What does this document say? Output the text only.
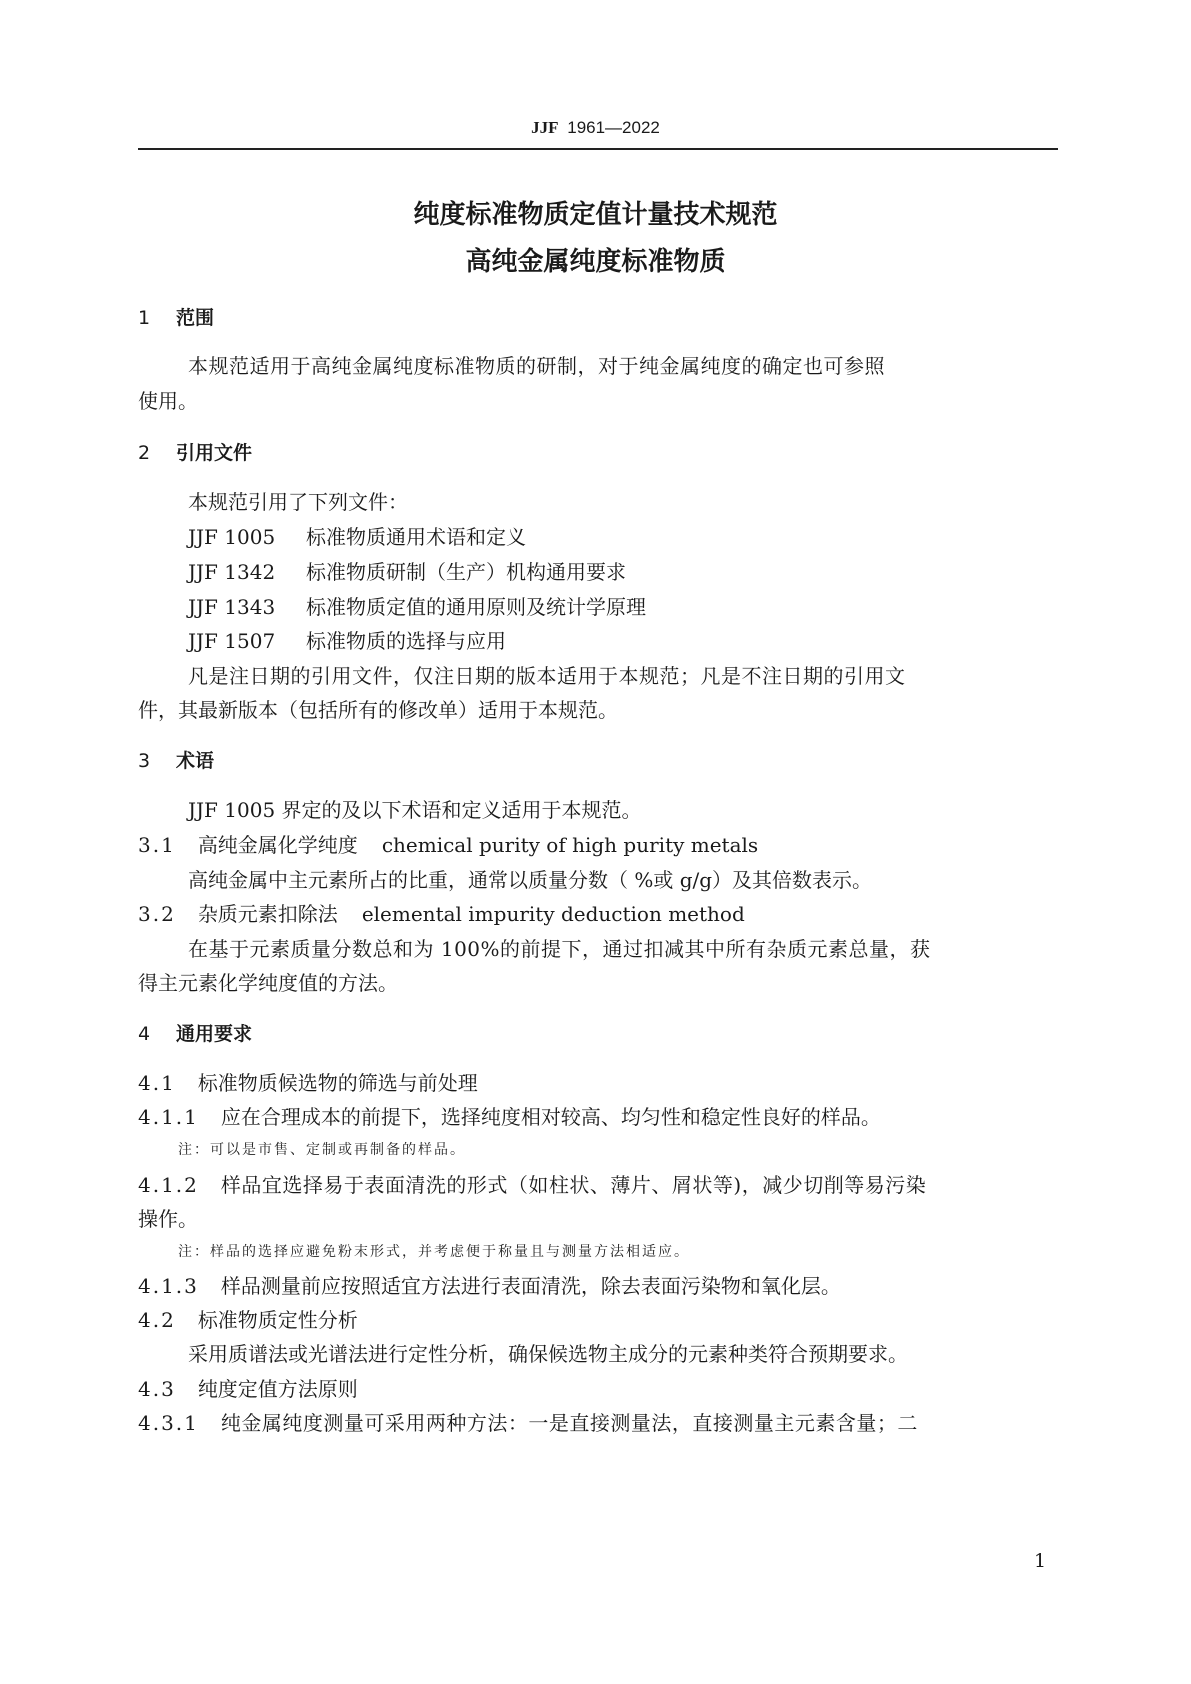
JJF 1961—2022
纯度标准物质定值计量技术规范
高纯金属纯度标准物质
1 范围
本规范适用于高纯金属纯度标准物质的研制，对于纯金属纯度的确定也可参照
使用。
2 引用文件
本规范引用了下列文件：
JJF 1005 标准物质通用术语和定义
JJF 1342 标准物质研制（生产）机构通用要求
JJF 1343 标准物质定值的通用原则及统计学原理
JJF 1507 标准物质的选择与应用
凡是注日期的引用文件，仅注日期的版本适用于本规范；凡是不注日期的引用文
件，其最新版本（包括所有的修改单）适用于本规范。
3 术语
JJF 1005 界定的及以下术语和定义适用于本规范。
3.1 高纯金属化学纯度 chemical purity of high purity metals
高纯金属中主元素所占的比重，通常以质量分数（ %或 g/g）及其倍数表示。
3.2 杂质元素扣除法 elemental impurity deduction method
在基于元素质量分数总和为 100%的前提下，通过扣减其中所有杂质元素总量，获
得主元素化学纯度值的方法。
4 通用要求
4.1 标准物质候选物的筛选与前处理
4.1.1 应在合理成本的前提下，选择纯度相对较高、均匀性和稳定性良好的样品。
注：可以是市售、定制或再制备的样品。
4.1.2 样品宜选择易于表面清洗的形式（如柱状、薄片、屑状等)，减少切削等易污染
操作。
注：样品的选择应避免粉末形式，并考虑便于称量且与测量方法相适应。
4.1.3 样品测量前应按照适宜方法进行表面清洗，除去表面污染物和氧化层。
4.2 标准物质定性分析
采用质谱法或光谱法进行定性分析，确保候选物主成分的元素种类符合预期要求。
4.3 纯度定值方法原则
4.3.1 纯金属纯度测量可采用两种方法：一是直接测量法，直接测量主元素含量；二
1
